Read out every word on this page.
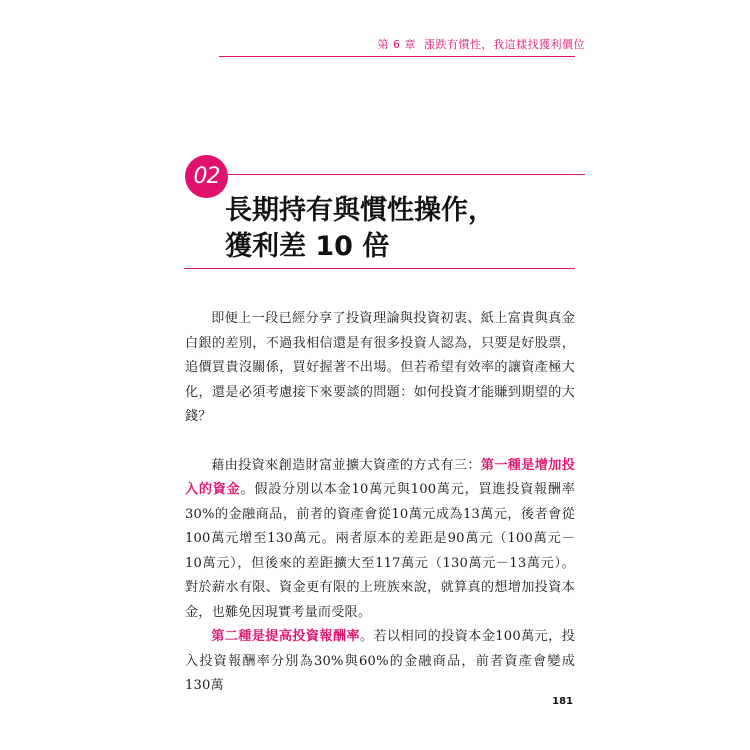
第 6 章 漲跌有慣性，我這樣找獲利價位
02
長期持有與慣性操作，
獲利差 10 倍

即便上一段已經分享了投資理論與投資初衷、紙上富貴與真金白銀的差別，不過我相信還是有很多投資人認為，只要是好股票，追價買貴沒關係，買好握著不出場。但若希望有效率的讓資產極大化，還是必須考慮接下來要談的問題：如何投資才能賺到期望的大錢？

藉由投資來創造財富並擴大資產的方式有三：第一種是增加投入的資金。假設分別以本金10萬元與100萬元，買進投資報酬率30%的金融商品，前者的資產會從10萬元成為13萬元，後者會從100萬元增至130萬元。兩者原本的差距是90萬元（100萬元－10萬元），但後來的差距擴大至117萬元（130萬元－13萬元）。對於薪水有限、資金更有限的上班族來說，就算真的想增加投資本金，也難免因現實考量而受限。

第二種是提高投資報酬率。若以相同的投資本金100萬元，投入投資報酬率分別為30%與60%的金融商品，前者資產會變成130萬

181
